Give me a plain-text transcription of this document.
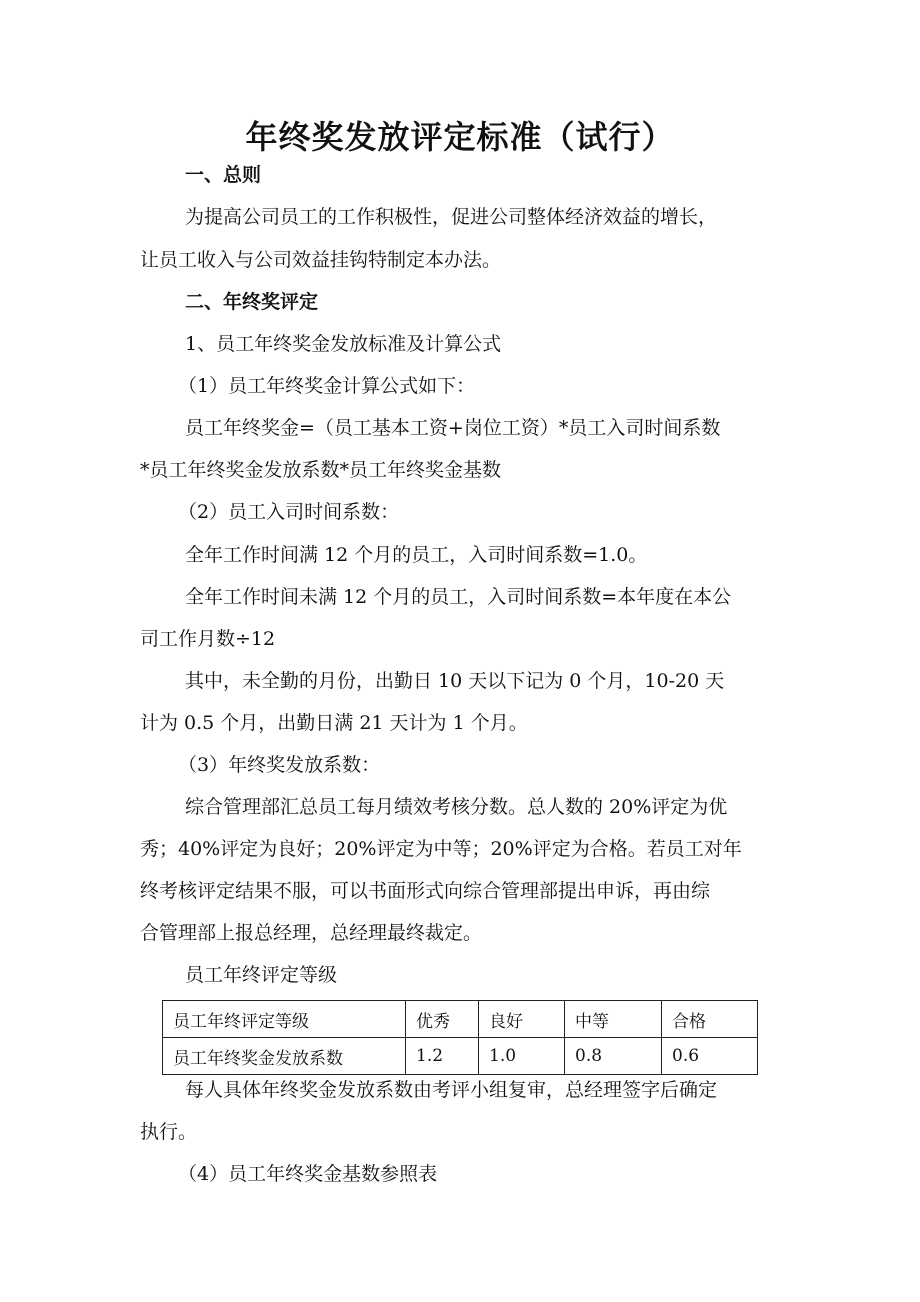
年终奖发放评定标准（试行）
一、总则
为提高公司员工的工作积极性，促进公司整体经济效益的增长，
让员工收入与公司效益挂钩特制定本办法。
二、年终奖评定
1、员工年终奖金发放标准及计算公式
（1）员工年终奖金计算公式如下：
员工年终奖金=（员工基本工资+岗位工资）*员工入司时间系数
*员工年终奖金发放系数*员工年终奖金基数
（2）员工入司时间系数：
全年工作时间满 12 个月的员工，入司时间系数=1.0。
全年工作时间未满 12 个月的员工，入司时间系数=本年度在本公
司工作月数÷12
其中，未全勤的月份，出勤日 10 天以下记为 0 个月，10-20 天
计为 0.5 个月，出勤日满 21 天计为 1 个月。
（3）年终奖发放系数：
综合管理部汇总员工每月绩效考核分数。总人数的 20%评定为优
秀；40%评定为良好；20%评定为中等；20%评定为合格。若员工对年
终考核评定结果不服，可以书面形式向综合管理部提出申诉，再由综
合管理部上报总经理，总经理最终裁定。
员工年终评定等级
员工年终评定等级	优秀	良好	中等	合格
员工年终奖金发放系数	1.2	1.0	0.8	0.6
每人具体年终奖金发放系数由考评小组复审，总经理签字后确定
执行。
（4）员工年终奖金基数参照表
